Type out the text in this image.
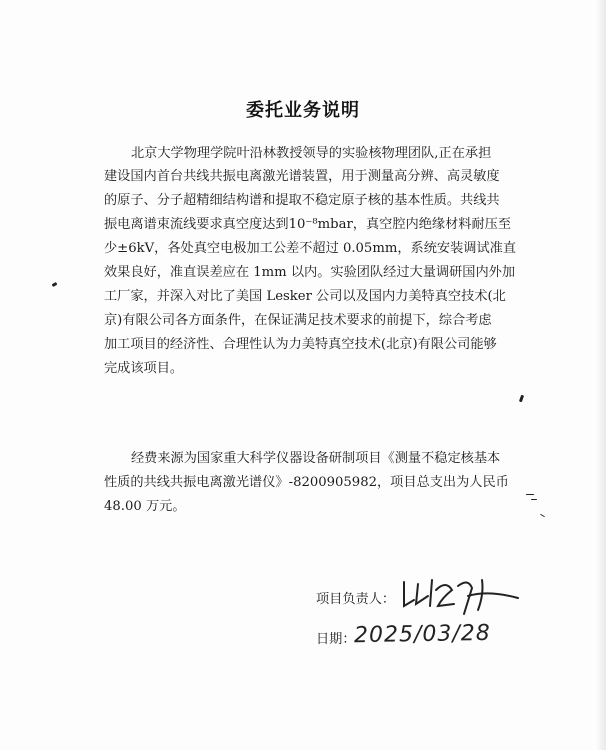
委托业务说明
北京大学物理学院叶沿林教授领导的实验核物理团队,正在承担
建设国内首台共线共振电离激光谱装置，用于测量高分辨、高灵敏度
的原子、分子超精细结构谱和提取不稳定原子核的基本性质。共线共
振电离谱束流线要求真空度达到10⁻⁸mbar，真空腔内绝缘材料耐压至
少±6kV，各处真空电极加工公差不超过 0.05mm，系统安装调试准直
效果良好，准直误差应在 1mm 以内。实验团队经过大量调研国内外加
工厂家，并深入对比了美国 Lesker 公司以及国内力美特真空技术(北
京)有限公司各方面条件，在保证满足技术要求的前提下，综合考虑
加工项目的经济性、合理性认为力美特真空技术(北京)有限公司能够
完成该项目。
经费来源为国家重大科学仪器设备研制项目《测量不稳定核基本
性质的共线共振电离激光谱仪》-8200905982，项目总支出为人民币
48.00 万元。
项目负责人：
日期：
2025/03/28
